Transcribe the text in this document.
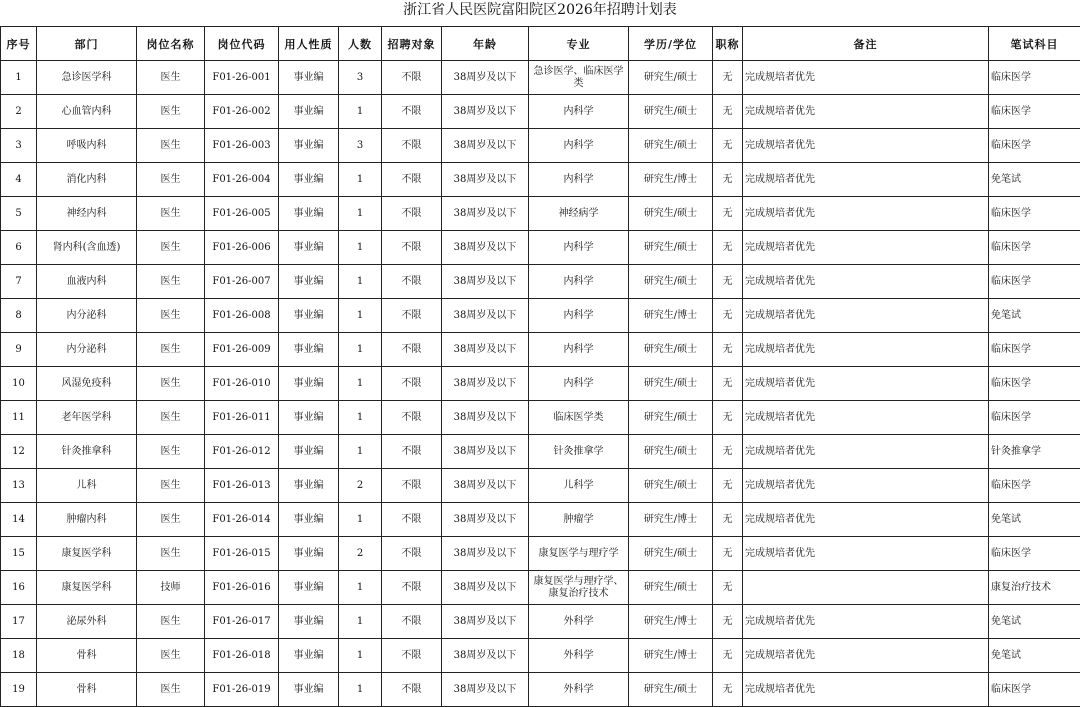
浙江省人民医院富阳院区2026年招聘计划表
序号	部门	岗位名称	岗位代码	用人性质	人数	招聘对象	年龄	专业	学历/学位	职称	备注	笔试科目
1	急诊医学科	医生	F01-26-001	事业编	3	不限	38周岁及以下	急诊医学、临床医学类	研究生/硕士	无	完成规培者优先	临床医学
2	心血管内科	医生	F01-26-002	事业编	1	不限	38周岁及以下	内科学	研究生/硕士	无	完成规培者优先	临床医学
3	呼吸内科	医生	F01-26-003	事业编	3	不限	38周岁及以下	内科学	研究生/硕士	无	完成规培者优先	临床医学
4	消化内科	医生	F01-26-004	事业编	1	不限	38周岁及以下	内科学	研究生/博士	无	完成规培者优先	免笔试
5	神经内科	医生	F01-26-005	事业编	1	不限	38周岁及以下	神经病学	研究生/硕士	无	完成规培者优先	临床医学
6	肾内科(含血透)	医生	F01-26-006	事业编	1	不限	38周岁及以下	内科学	研究生/硕士	无	完成规培者优先	临床医学
7	血液内科	医生	F01-26-007	事业编	1	不限	38周岁及以下	内科学	研究生/硕士	无	完成规培者优先	临床医学
8	内分泌科	医生	F01-26-008	事业编	1	不限	38周岁及以下	内科学	研究生/博士	无	完成规培者优先	免笔试
9	内分泌科	医生	F01-26-009	事业编	1	不限	38周岁及以下	内科学	研究生/硕士	无	完成规培者优先	临床医学
10	风湿免疫科	医生	F01-26-010	事业编	1	不限	38周岁及以下	内科学	研究生/硕士	无	完成规培者优先	临床医学
11	老年医学科	医生	F01-26-011	事业编	1	不限	38周岁及以下	临床医学类	研究生/硕士	无	完成规培者优先	临床医学
12	针灸推拿科	医生	F01-26-012	事业编	1	不限	38周岁及以下	针灸推拿学	研究生/硕士	无	完成规培者优先	针灸推拿学
13	儿科	医生	F01-26-013	事业编	2	不限	38周岁及以下	儿科学	研究生/硕士	无	完成规培者优先	临床医学
14	肿瘤内科	医生	F01-26-014	事业编	1	不限	38周岁及以下	肿瘤学	研究生/博士	无	完成规培者优先	免笔试
15	康复医学科	医生	F01-26-015	事业编	2	不限	38周岁及以下	康复医学与理疗学	研究生/硕士	无	完成规培者优先	临床医学
16	康复医学科	技师	F01-26-016	事业编	1	不限	38周岁及以下	康复医学与理疗学、康复治疗技术	研究生/硕士	无		康复治疗技术
17	泌尿外科	医生	F01-26-017	事业编	1	不限	38周岁及以下	外科学	研究生/博士	无	完成规培者优先	免笔试
18	骨科	医生	F01-26-018	事业编	1	不限	38周岁及以下	外科学	研究生/博士	无	完成规培者优先	免笔试
19	骨科	医生	F01-26-019	事业编	1	不限	38周岁及以下	外科学	研究生/硕士	无	完成规培者优先	临床医学
